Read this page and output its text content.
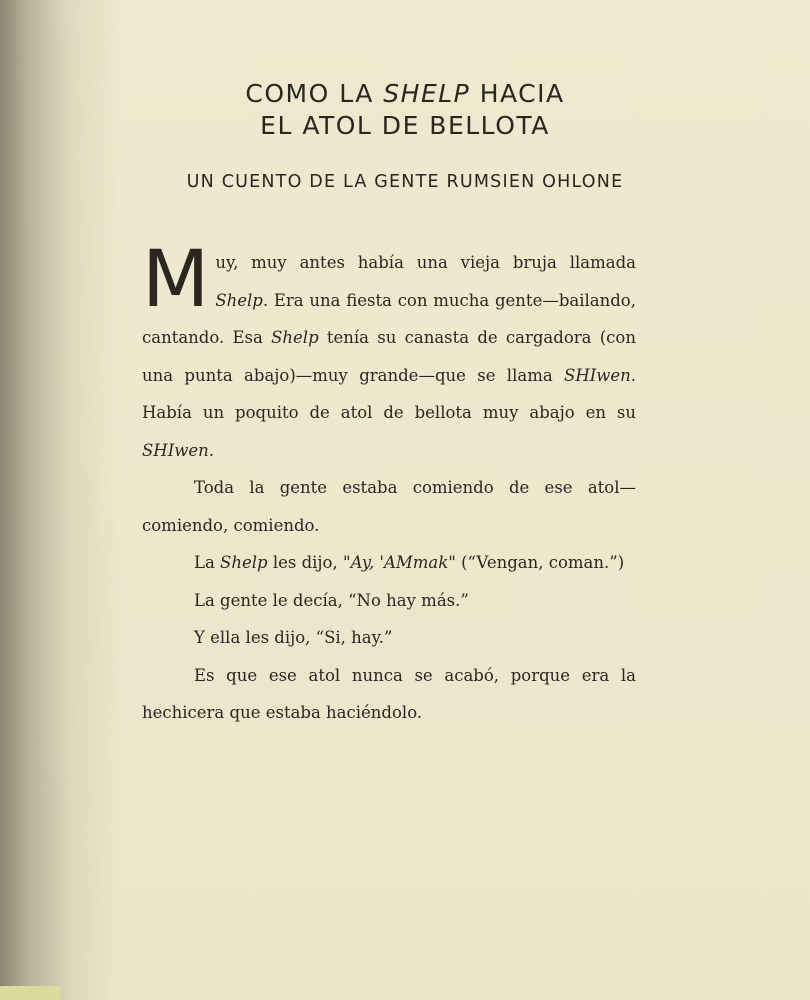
COMO LA SHELP HACIA
EL ATOL DE BELLOTA
UN CUENTO DE LA GENTE RUMSIEN OHLONE

Muy, muy antes había una vieja bruja llamada Shelp. Era una fiesta con mucha gente—bailando, cantando. Esa Shelp tenía su canasta de cargadora (con una punta abajo)—muy grande—que se llama SHIwen. Había un poquito de atol de bellota muy abajo en su SHIwen.

Toda la gente estaba comiendo de ese atol—comiendo, comiendo.

La Shelp les dijo, "Ay, 'AMmak" (“Vengan, coman.”)

La gente le decía, “No hay más.”

Y ella les dijo, “Si, hay.”

Es que ese atol nunca se acabó, porque era la hechicera que estaba haciéndolo.
